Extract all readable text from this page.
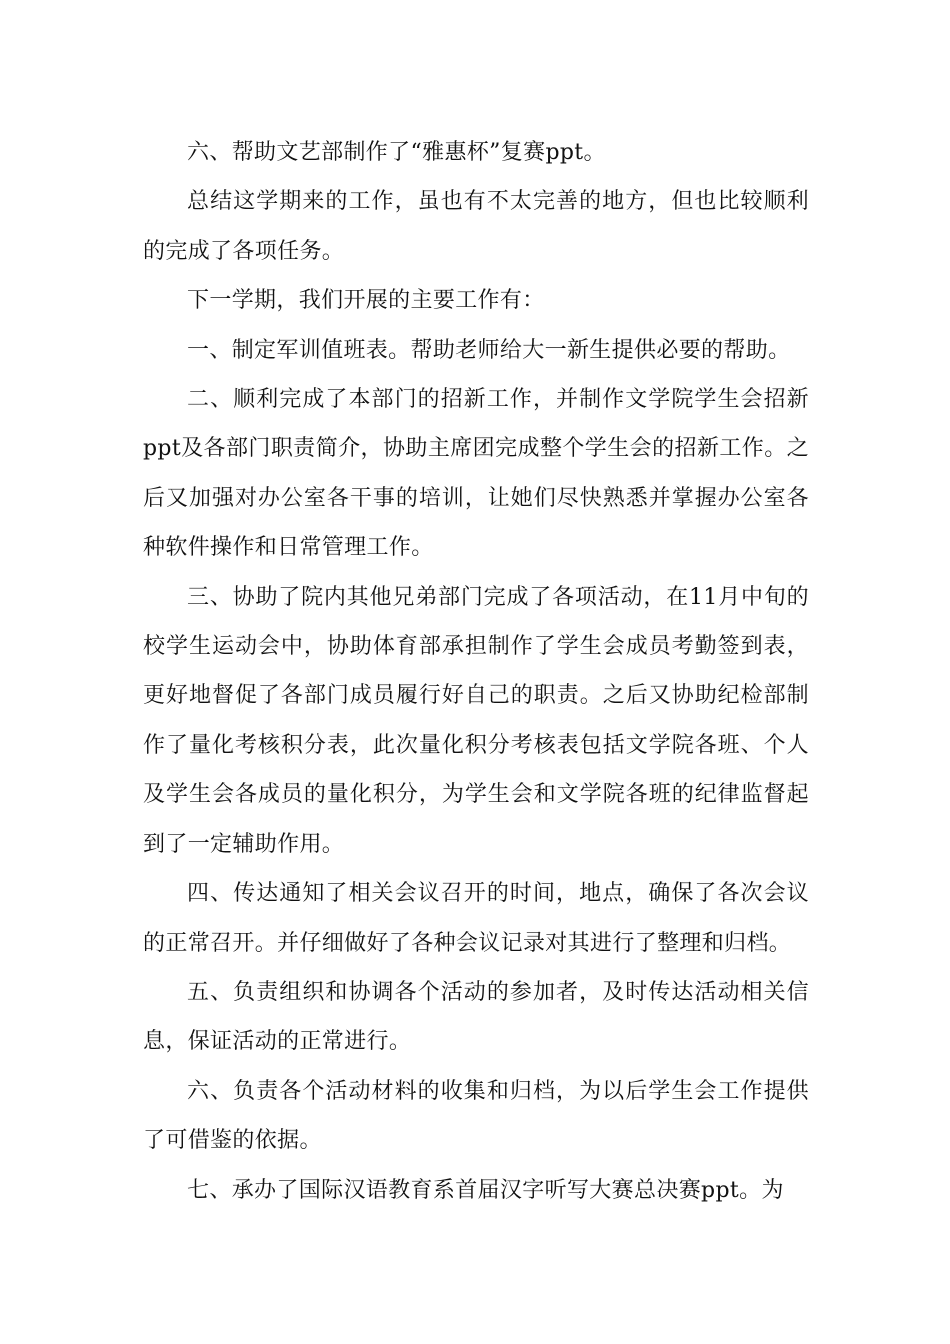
六、帮助文艺部制作了“雅惠杯”复赛ppt。

总结这学期来的工作，虽也有不太完善的地方，但也比较顺利的完成了各项任务。

下一学期，我们开展的主要工作有：

一、制定军训值班表。帮助老师给大一新生提供必要的帮助。

二、顺利完成了本部门的招新工作，并制作文学院学生会招新ppt及各部门职责简介，协助主席团完成整个学生会的招新工作。之后又加强对办公室各干事的培训，让她们尽快熟悉并掌握办公室各种软件操作和日常管理工作。

三、协助了院内其他兄弟部门完成了各项活动，在11月中旬的校学生运动会中，协助体育部承担制作了学生会成员考勤签到表，更好地督促了各部门成员履行好自己的职责。之后又协助纪检部制作了量化考核积分表，此次量化积分考核表包括文学院各班、个人及学生会各成员的量化积分，为学生会和文学院各班的纪律监督起到了一定辅助作用。

四、传达通知了相关会议召开的时间，地点，确保了各次会议的正常召开。并仔细做好了各种会议记录对其进行了整理和归档。

五、负责组织和协调各个活动的参加者，及时传达活动相关信息，保证活动的正常进行。

六、负责各个活动材料的收集和归档，为以后学生会工作提供了可借鉴的依据。

七、承办了国际汉语教育系首届汉字听写大赛总决赛ppt。为
